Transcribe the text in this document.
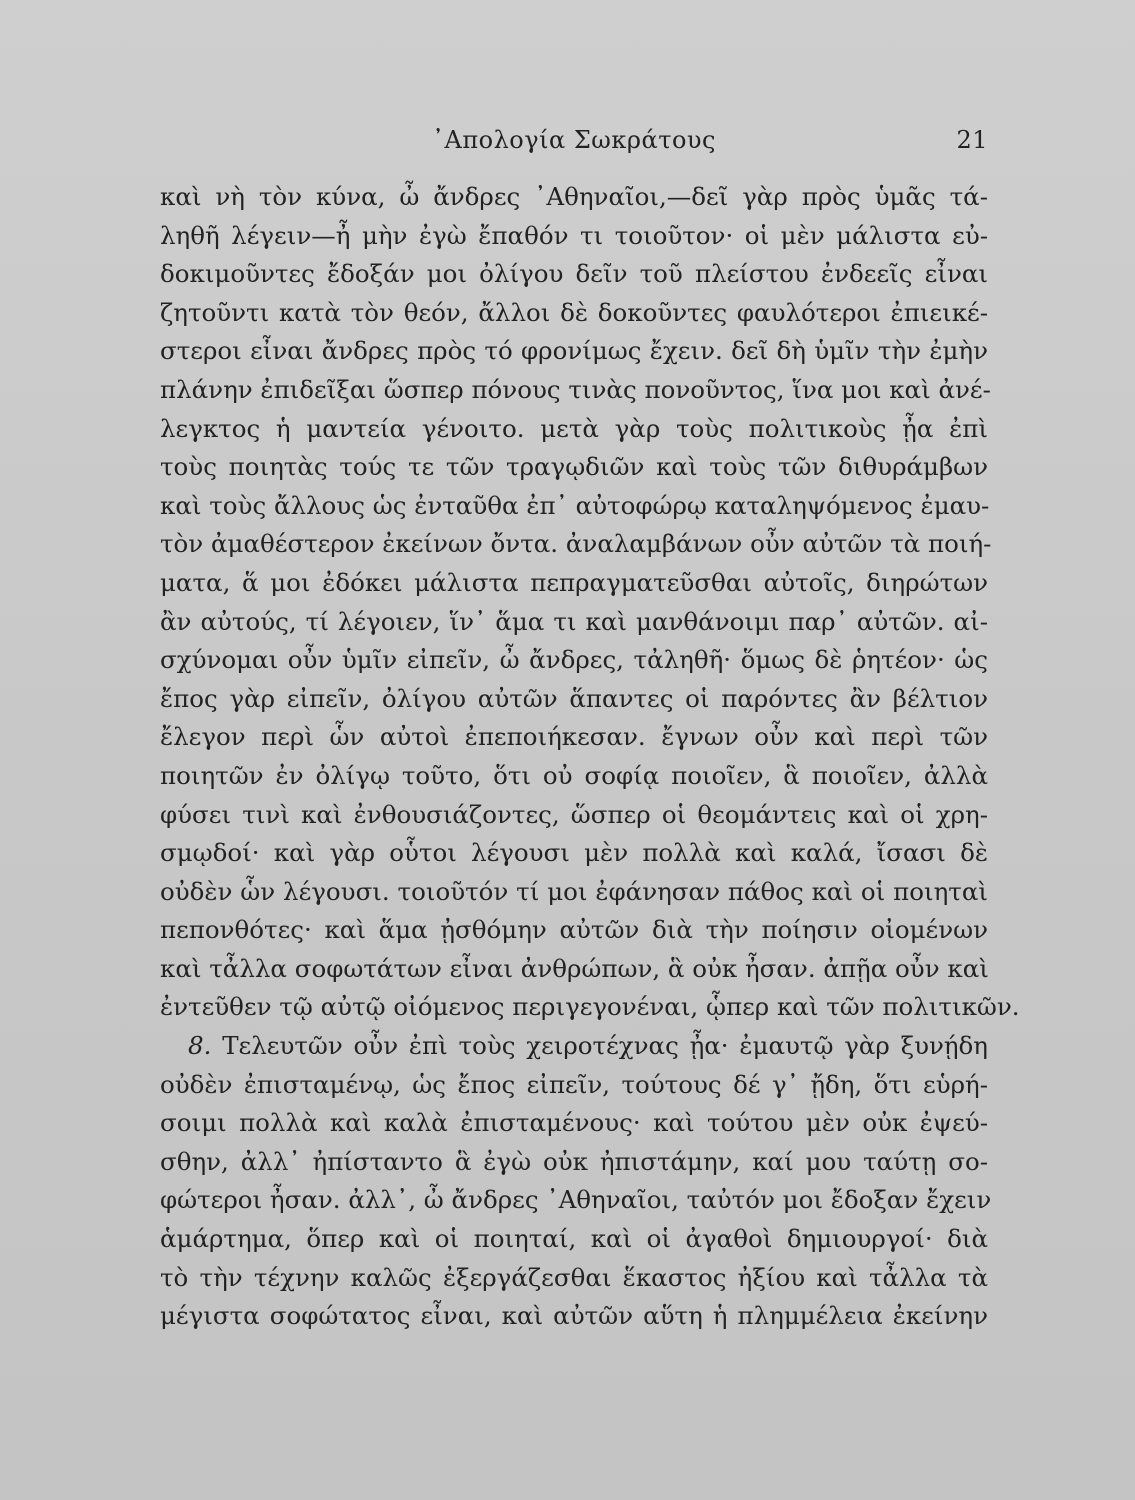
᾽Απολογία Σωκράτους	21
καὶ νὴ τὸν κύνα, ὦ ἄνδρες ᾽Αθηναῖοι,—δεῖ γὰρ πρὸς ὑμᾶς τά-
ληθῆ λέγειν—ἦ μὴν ἐγὼ ἔπαθόν τι τοιοῦτον· οἱ μὲν μάλιστα εὐ-
δοκιμοῦντες ἔδοξάν μοι ὀλίγου δεῖν τοῦ πλείστου ἐνδεεῖς εἶναι
ζητοῦντι κατὰ τὸν θεόν, ἄλλοι δὲ δοκοῦντες φαυλότεροι ἐπιεικέ-
στεροι εἶναι ἄνδρες πρὸς τό φρονίμως ἔχειν. δεῖ δὴ ὑμῖν τὴν ἐμὴν
πλάνην ἐπιδεῖξαι ὥσπερ πόνους τινὰς πονοῦντος, ἵνα μοι καὶ ἀνέ-
λεγκτος ἡ μαντεία γένοιτο. μετὰ γὰρ τοὺς πολιτικοὺς ᾖα ἐπὶ
τοὺς ποιητὰς τούς τε τῶν τραγῳδιῶν καὶ τοὺς τῶν διθυράμβων
καὶ τοὺς ἄλλους ὡς ἐνταῦθα ἐπ᾽ αὐτοφώρῳ καταληψόμενος ἐμαυ-
τὸν ἀμαθέστερον ἐκείνων ὄντα. ἀναλαμβάνων οὖν αὐτῶν τὰ ποιή-
ματα, ἅ μοι ἐδόκει μάλιστα πεπραγματεῦσθαι αὐτοῖς, διηρώτων
ἂν αὐτούς, τί λέγοιεν, ἵν᾽ ἅμα τι καὶ μανθάνοιμι παρ᾽ αὐτῶν. αἰ-
σχύνομαι οὖν ὑμῖν εἰπεῖν, ὦ ἄνδρες, τἀληθῆ· ὅμως δὲ ῥητέον· ὡς
ἔπος γὰρ εἰπεῖν, ὀλίγου αὐτῶν ἅπαντες οἱ παρόντες ἂν βέλτιον
ἔλεγον περὶ ὧν αὐτοὶ ἐπεποιήκεσαν. ἔγνων οὖν καὶ περὶ τῶν
ποιητῶν ἐν ὀλίγῳ τοῦτο, ὅτι οὐ σοφίᾳ ποιοῖεν, ἃ ποιοῖεν, ἀλλὰ
φύσει τινὶ καὶ ἐνθουσιάζοντες, ὥσπερ οἱ θεομάντεις καὶ οἱ χρη-
σμῳδοί· καὶ γὰρ οὗτοι λέγουσι μὲν πολλὰ καὶ καλά, ἴσασι δὲ
οὐδὲν ὧν λέγουσι. τοιοῦτόν τί μοι ἐφάνησαν πάθος καὶ οἱ ποιηταὶ
πεπονθότες· καὶ ἅμα ᾐσθόμην αὐτῶν διὰ τὴν ποίησιν οἰομένων
καὶ τἆλλα σοφωτάτων εἶναι ἀνθρώπων, ἃ οὐκ ἦσαν. ἀπῇα οὖν καὶ
ἐντεῦθεν τῷ αὐτῷ οἰόμενος περιγεγονέναι, ᾧπερ καὶ τῶν πολιτικῶν.
8. Τελευτῶν οὖν ἐπὶ τοὺς χειροτέχνας ᾖα· ἐμαυτῷ γὰρ ξυνῄδη
οὐδὲν ἐπισταμένῳ, ὡς ἔπος εἰπεῖν, τούτους δέ γ᾽ ᾔδη, ὅτι εὑρή-
σοιμι πολλὰ καὶ καλὰ ἐπισταμένους· καὶ τούτου μὲν οὐκ ἐψεύ-
σθην, ἀλλ᾽ ἠπίσταντο ἃ ἐγὼ οὐκ ἠπιστάμην, καί μου ταύτῃ σο-
φώτεροι ἦσαν. ἀλλ᾽, ὦ ἄνδρες ᾽Αθηναῖοι, ταὐτόν μοι ἔδοξαν ἔχειν
ἁμάρτημα, ὅπερ καὶ οἱ ποιηταί, καὶ οἱ ἀγαθοὶ δημιουργοί· διὰ
τὸ τὴν τέχνην καλῶς ἐξεργάζεσθαι ἕκαστος ἠξίου καὶ τἆλλα τὰ
μέγιστα σοφώτατος εἶναι, καὶ αὐτῶν αὕτη ἡ πλημμέλεια ἐκείνην
